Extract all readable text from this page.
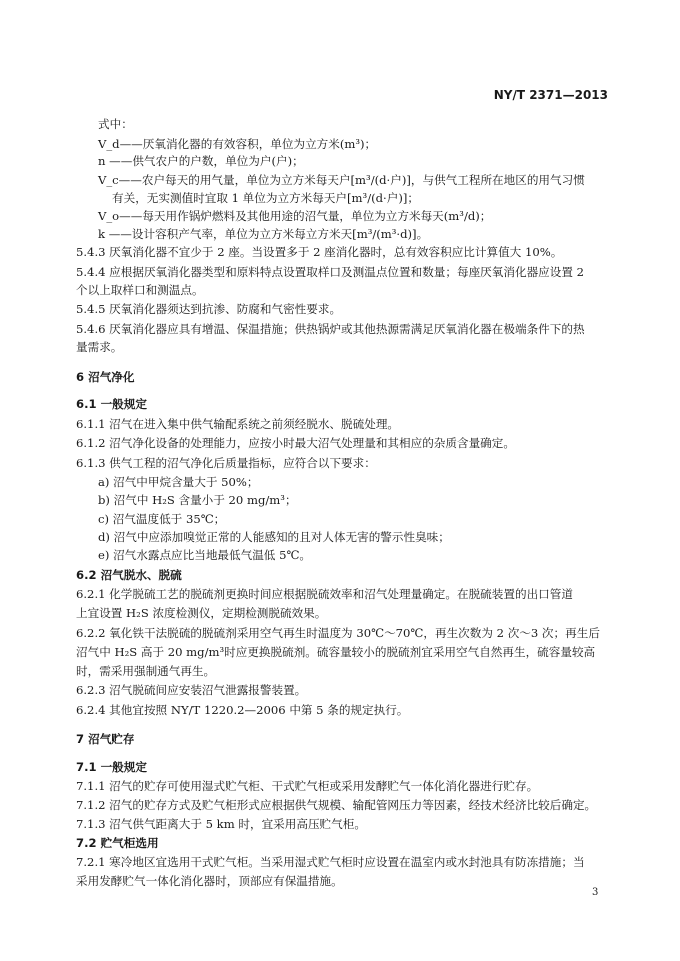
NY/T 2371—2013
式中：
V_d——厌氧消化器的有效容积，单位为立方米(m³)；
n ——供气农户的户数，单位为户(户)；
V_c——农户每天的用气量，单位为立方米每天户[m³/(d·户)]，与供气工程所在地区的用气习惯
有关，无实测值时宜取 1 单位为立方米每天户[m³/(d·户)]；
V_o——每天用作锅炉燃料及其他用途的沼气量，单位为立方米每天(m³/d)；
k ——设计容积产气率，单位为立方米每立方米天[m³/(m³·d)]。
5.4.3 厌氧消化器不宜少于 2 座。当设置多于 2 座消化器时，总有效容积应比计算值大 10%。
5.4.4 应根据厌氧消化器类型和原料特点设置取样口及测温点位置和数量；每座厌氧消化器应设置 2
个以上取样口和测温点。
5.4.5 厌氧消化器须达到抗渗、防腐和气密性要求。
5.4.6 厌氧消化器应具有增温、保温措施；供热锅炉或其他热源需满足厌氧消化器在极端条件下的热
量需求。
6 沼气净化
6.1 一般规定
6.1.1 沼气在进入集中供气输配系统之前须经脱水、脱硫处理。
6.1.2 沼气净化设备的处理能力，应按小时最大沼气处理量和其相应的杂质含量确定。
6.1.3 供气工程的沼气净化后质量指标，应符合以下要求：
a) 沼气中甲烷含量大于 50%；
b) 沼气中 H₂S 含量小于 20 mg/m³；
c) 沼气温度低于 35℃；
d) 沼气中应添加嗅觉正常的人能感知的且对人体无害的警示性臭味；
e) 沼气水露点应比当地最低气温低 5℃。
6.2 沼气脱水、脱硫
6.2.1 化学脱硫工艺的脱硫剂更换时间应根据脱硫效率和沼气处理量确定。在脱硫装置的出口管道
上宜设置 H₂S 浓度检测仪，定期检测脱硫效果。
6.2.2 氧化铁干法脱硫的脱硫剂采用空气再生时温度为 30℃～70℃，再生次数为 2 次～3 次；再生后
沼气中 H₂S 高于 20 mg/m³时应更换脱硫剂。硫容量较小的脱硫剂宜采用空气自然再生，硫容量较高
时，需采用强制通气再生。
6.2.3 沼气脱硫间应安装沼气泄露报警装置。
6.2.4 其他宜按照 NY/T 1220.2—2006 中第 5 条的规定执行。
7 沼气贮存
7.1 一般规定
7.1.1 沼气的贮存可使用湿式贮气柜、干式贮气柜或采用发酵贮气一体化消化器进行贮存。
7.1.2 沼气的贮存方式及贮气柜形式应根据供气规模、输配管网压力等因素，经技术经济比较后确定。
7.1.3 沼气供气距离大于 5 km 时，宜采用高压贮气柜。
7.2 贮气柜选用
7.2.1 寒冷地区宜选用干式贮气柜。当采用湿式贮气柜时应设置在温室内或水封池具有防冻措施；当
采用发酵贮气一体化消化器时，顶部应有保温措施。
3
